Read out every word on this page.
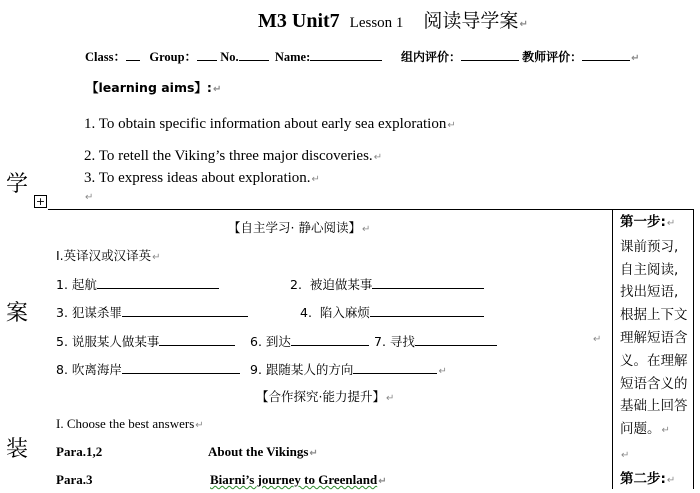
M3 Unit7 Lesson 1 阅读导学案↵
Class： Group： No.	Name:	组内评价：	教师评价：	↵
【learning aims】:↵
1. To obtain specific information about early sea exploration↵
2. To retell the Viking’s three major discoveries.↵
3. To express ideas about exploration.↵
学
案
装
+	↵
【自主学习· 静心阅读】↵
I.英译汉或汉译英↵
1. 起航	2. 被迫做某事
3. 犯谋杀罪	4. 陷入麻烦
5. 说服某人做某事	6. 到达	7. 寻找	↵
8. 吹离海岸	9. 跟随某人的方向	↵
【合作探究·能力提升】↵
I. Choose the best answers↵
Para.1,2	About the Vikings↵
Para.3	Biarni’s journey to Greenland↵
第一步:↵
课前预习,自主阅读,找出短语,根据上下文理解短语含义。在理解短语含义的基础上回答问题。↵
↵
第二步:↵
